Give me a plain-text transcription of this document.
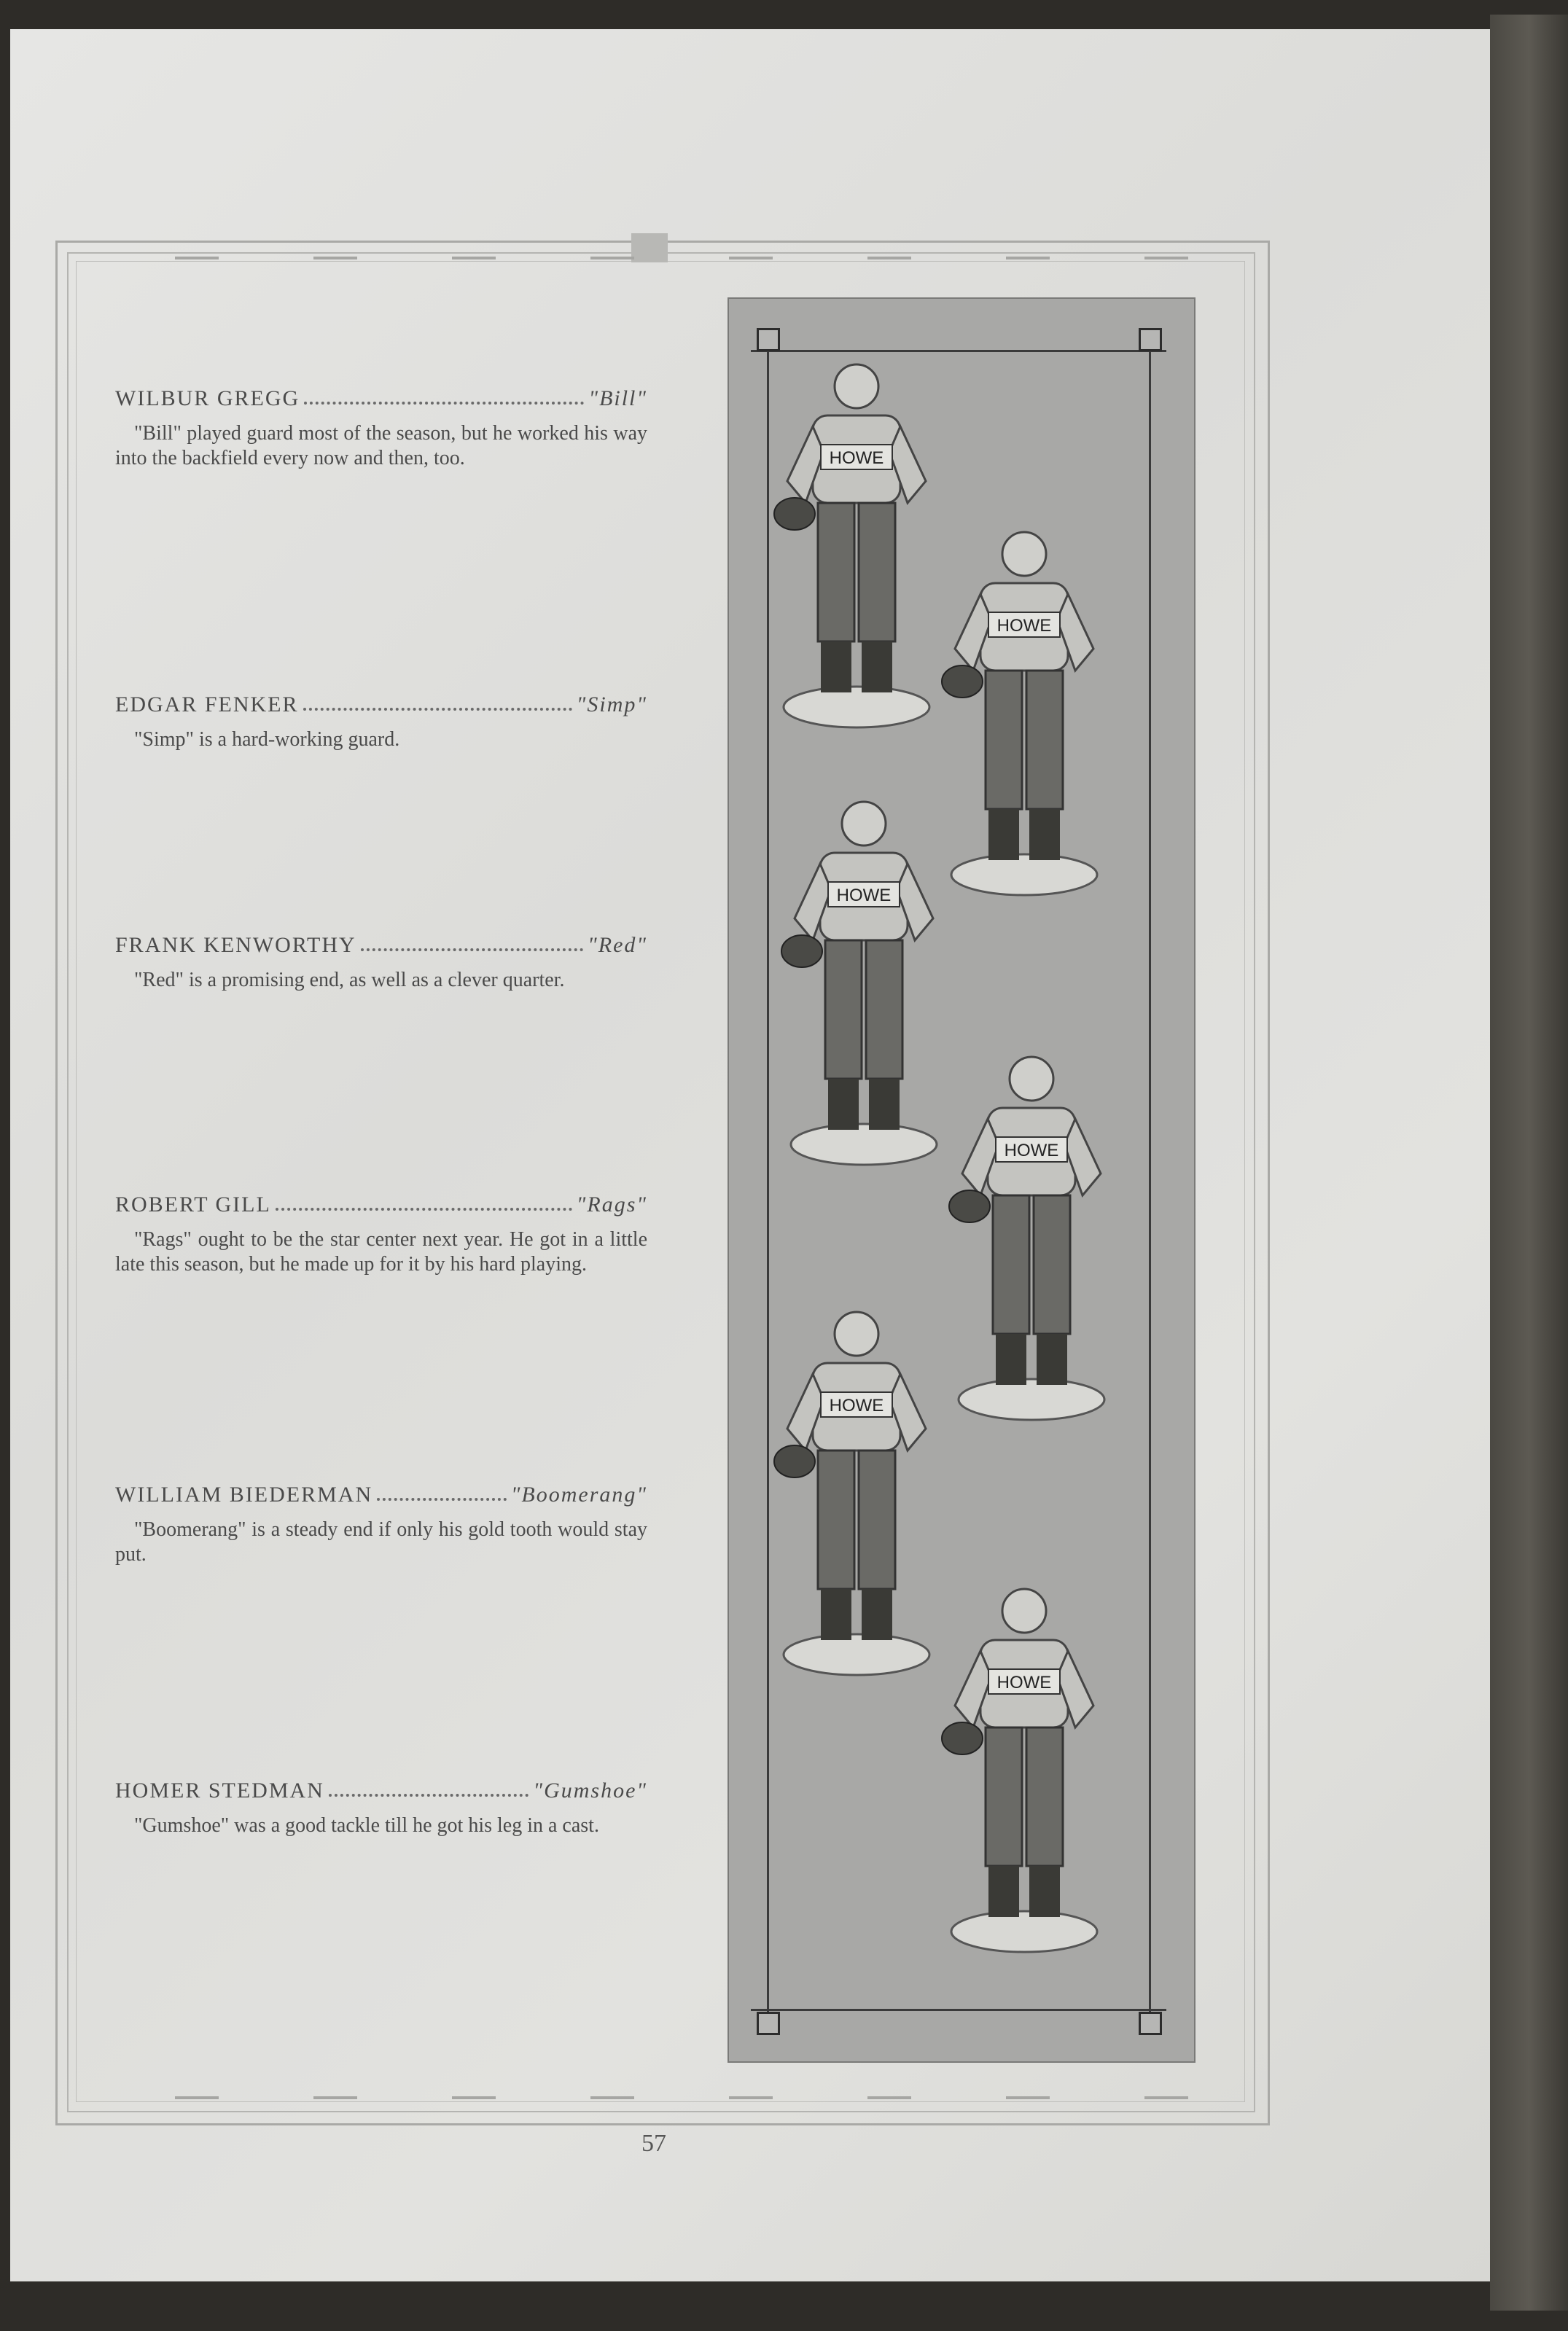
WILBUR GREGG	"Bill"
"Bill" played guard most of the season, but he worked his way into the backfield every now and then, too.
EDGAR FENKER	"Simp"
"Simp" is a hard-working guard.
FRANK KENWORTHY	"Red"
"Red" is a promising end, as well as a clever quarter.
ROBERT GILL	"Rags"
"Rags" ought to be the star center next year. He got in a little late this season, but he made up for it by his hard playing.
WILLIAM BIEDERMAN	"Boomerang"
"Boomerang" is a steady end if only his gold tooth would stay put.
HOMER STEDMAN	"Gumshoe"
"Gumshoe" was a good tackle till he got his leg in a cast.
HOWE
HOWE
HOWE
HOWE
HOWE
HOWE
57
